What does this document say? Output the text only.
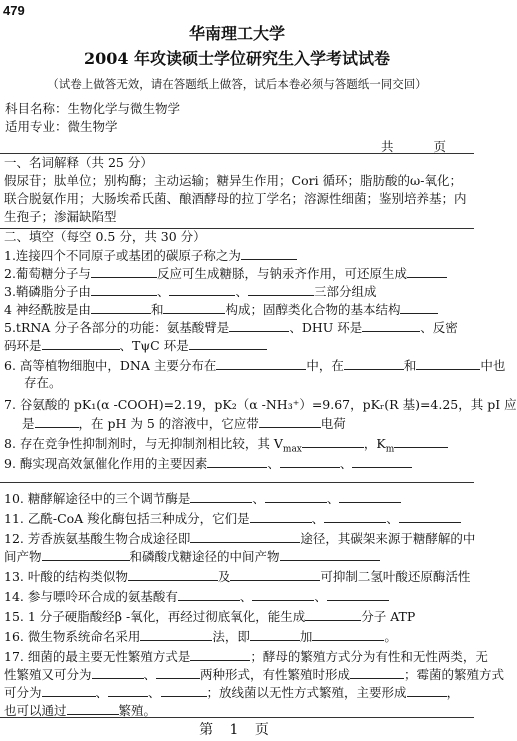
479
华南理工大学
2004 年攻读硕士学位研究生入学考试试卷
（试卷上做答无效，请在答题纸上做答，试后本卷必须与答题纸一同交回）
科目名称：生物化学与微生物学
适用专业：微生物学
共 页
一、名词解释（共 25 分）
假尿苷；肽单位；别构酶；主动运输；糖异生作用；Cori 循环；脂肪酸的ω-氧化；
联合脱氨作用；大肠埃希氏菌、酿酒酵母的拉丁学名；溶源性细菌；鉴别培养基；内
生孢子；渗漏缺陷型
二、填空（每空 0.5 分，共 30 分）
1.连接四个不同原子或基团的碳原子称之为
2.葡萄糖分子与	反应可生成糖脎，与钠汞齐作用，可还原生成
3.鞘磷脂分子由	、	、	三部分组成
4 神经酰胺是由	和	构成；固醇类化合物的基本结构
5.tRNA 分子各部分的功能：氨基酸臂是	、DHU 环是	、反密
码环是	、TψC 环是
6. 高等植物细胞中，DNA 主要分布在	中，在	和	中也
存在。
7. 谷氨酸的 pK₁(α -COOH)=2.19，pK₂（α -NH₃⁺）=9.67，pKᵣ(R 基)=4.25，其 pI 应
是	，在 pH 为 5 的溶液中，它应带	电荷
8. 存在竞争性抑制剂时，与无抑制剂相比较，其 $V_{max}$	，$K_m$
9. 酶实现高效氯催化作用的主要因素	、	、
10. 糖酵解途径中的三个调节酶是	、	、
11. 乙酰-CoA 羧化酶包括三种成分，它们是	、	、
12. 芳香族氨基酸生物合成途径即	途径，其碳架来源于糖酵解的中
间产物	和磷酸戊糖途径的中间产物
13. 叶酸的结构类似物	及	可抑制二氢叶酸还原酶活性
14. 参与嘌呤环合成的氨基酸有	、	、
15. 1 分子硬脂酸经β -氧化，再经过彻底氧化，能生成	分子 ATP
16. 微生物系统命名采用	法，即	加	。
17. 细菌的最主要无性繁殖方式是	；酵母的繁殖方式分为有性和无性两类，无
性繁殖又可分为	、	两种形式，有性繁殖时形成	；霉菌的繁殖方式
可分为	、	、	；放线菌以无性方式繁殖，主要形成	，
也可以通过	繁殖。
第 1 页
